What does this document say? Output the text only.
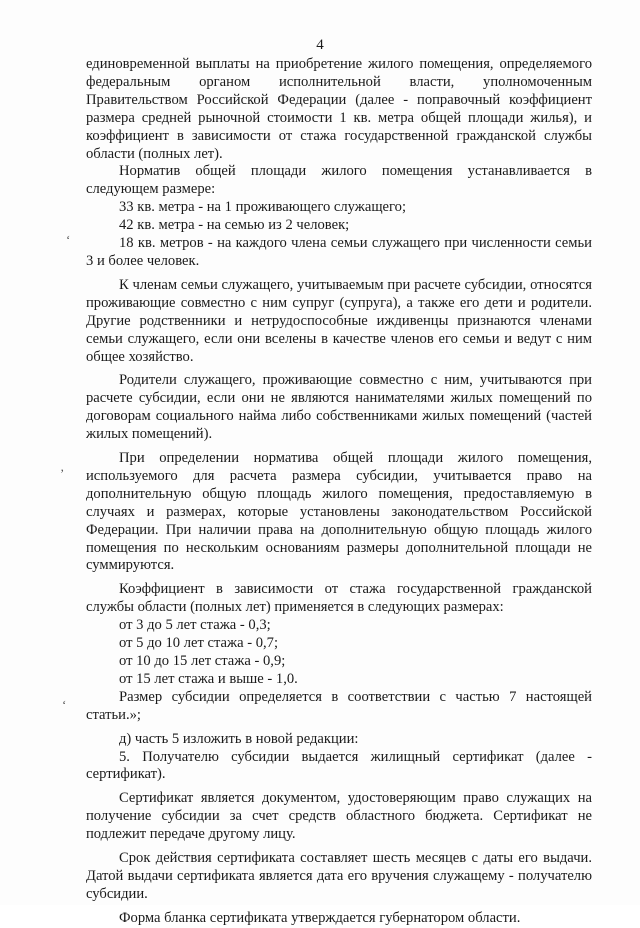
4

единовременной выплаты на приобретение жилого помещения, определяемого федеральным органом исполнительной власти, уполномоченным Правительством Российской Федерации (далее - поправочный коэффициент размера средней рыночной стоимости 1 кв. метра общей площади жилья), и коэффициент в зависимости от стажа государственной гражданской службы области (полных лет).

Норматив общей площади жилого помещения устанавливается в следующем размере:

33 кв. метра - на 1 проживающего служащего;

42 кв. метра - на семью из 2 человек;

18 кв. метров - на каждого члена семьи служащего при численности семьи 3 и более человек.

К членам семьи служащего, учитываемым при расчете субсидии, относятся проживающие совместно с ним супруг (супруга), а также его дети и родители. Другие родственники и нетрудоспособные иждивенцы признаются членами семьи служащего, если они вселены в качестве членов его семьи и ведут с ним общее хозяйство.

Родители служащего, проживающие совместно с ним, учитываются при расчете субсидии, если они не являются нанимателями жилых помещений по договорам социального найма либо собственниками жилых помещений (частей жилых помещений).

При определении норматива общей площади жилого помещения, используемого для расчета размера субсидии, учитывается право на дополнительную общую площадь жилого помещения, предоставляемую в случаях и размерах, которые установлены законодательством Российской Федерации. При наличии права на дополнительную общую площадь жилого помещения по нескольким основаниям размеры дополнительной площади не суммируются.

Коэффициент в зависимости от стажа государственной гражданской службы области (полных лет) применяется в следующих размерах:

от 3 до 5 лет стажа - 0,3;

от 5 до 10 лет стажа - 0,7;

от 10 до 15 лет стажа - 0,9;

от 15 лет стажа и выше - 1,0.

Размер субсидии определяется в соответствии с частью 7 настоящей статьи.»;

д) часть 5 изложить в новой редакции:

5. Получателю субсидии выдается жилищный сертификат (далее - сертификат).

Сертификат является документом, удостоверяющим право служащих на получение субсидии за счет средств областного бюджета. Сертификат не подлежит передаче другому лицу.

Срок действия сертификата составляет шесть месяцев с даты его выдачи. Датой выдачи сертификата является дата его вручения служащему - получателю субсидии.

Форма бланка сертификата утверждается губернатором области.

‘
‚
‘
